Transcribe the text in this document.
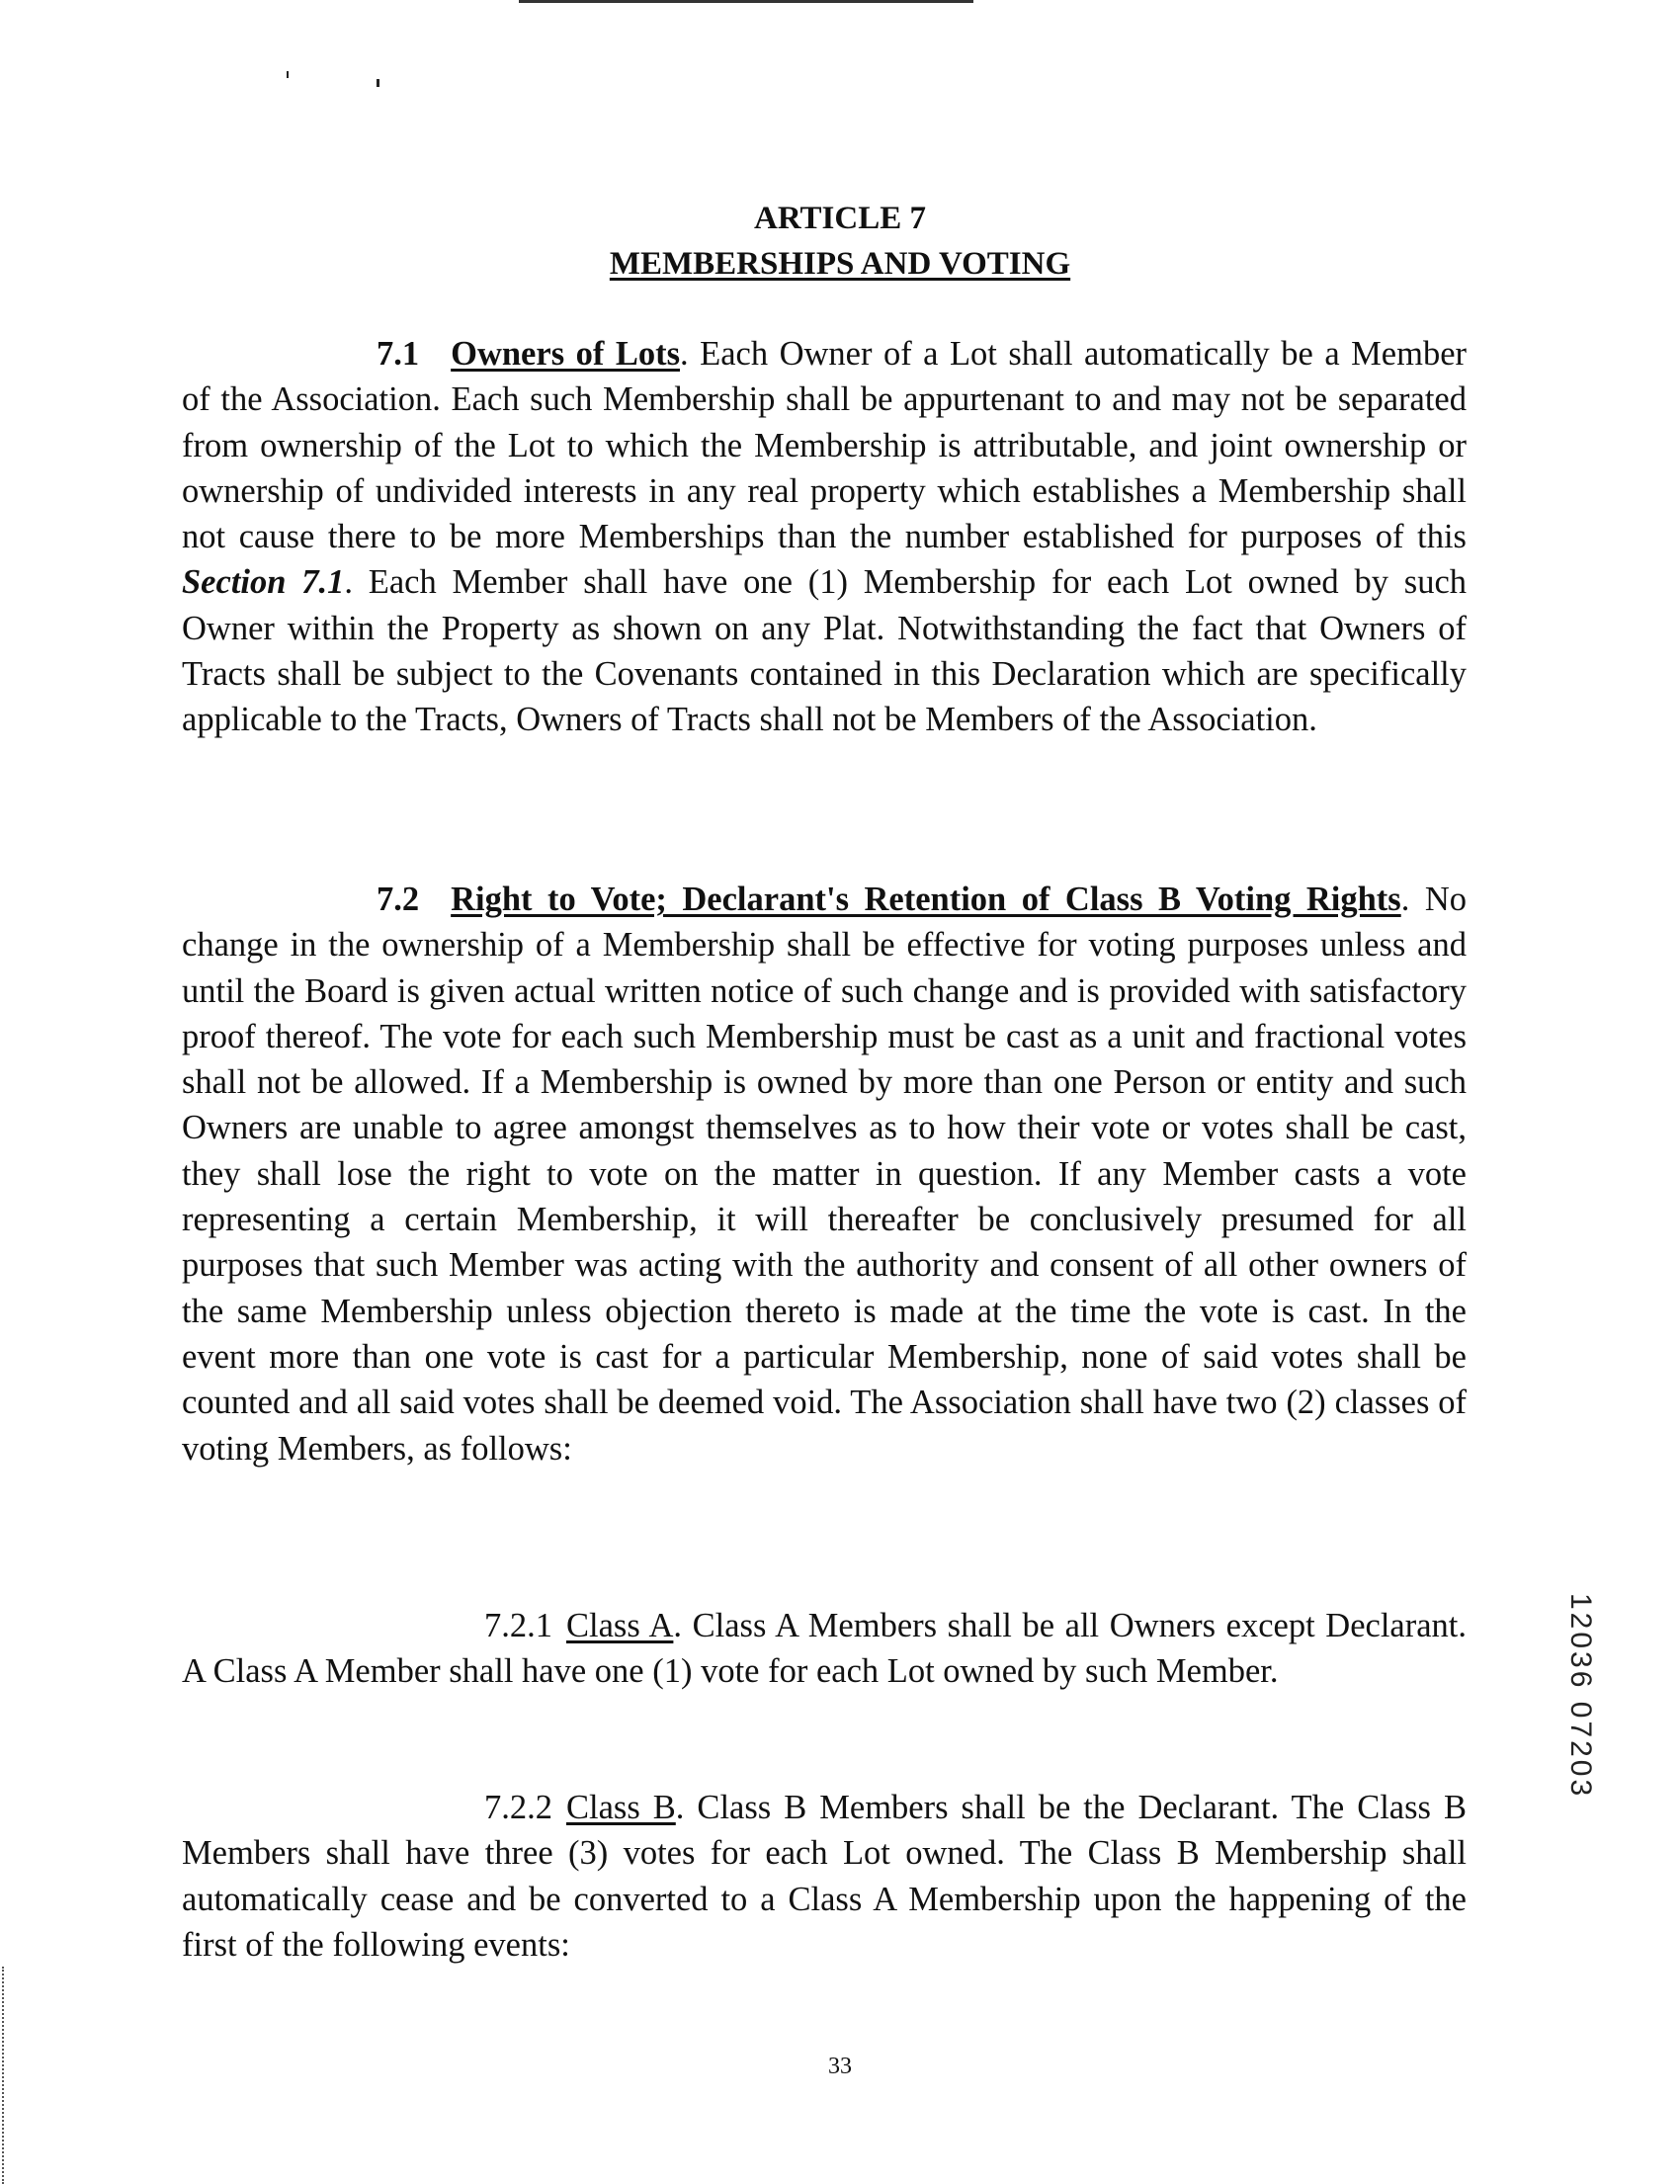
ARTICLE 7
MEMBERSHIPS AND VOTING

7.1 Owners of Lots. Each Owner of a Lot shall automatically be a Member of the Association. Each such Membership shall be appurtenant to and may not be separated from ownership of the Lot to which the Membership is attributable, and joint ownership or ownership of undivided interests in any real property which establishes a Membership shall not cause there to be more Memberships than the number established for purposes of this Section 7.1. Each Member shall have one (1) Membership for each Lot owned by such Owner within the Property as shown on any Plat. Notwithstanding the fact that Owners of Tracts shall be subject to the Covenants contained in this Declaration which are specifically applicable to the Tracts, Owners of Tracts shall not be Members of the Association.

7.2 Right to Vote; Declarant's Retention of Class B Voting Rights. No change in the ownership of a Membership shall be effective for voting purposes unless and until the Board is given actual written notice of such change and is provided with satisfactory proof thereof. The vote for each such Membership must be cast as a unit and fractional votes shall not be allowed. If a Membership is owned by more than one Person or entity and such Owners are unable to agree amongst themselves as to how their vote or votes shall be cast, they shall lose the right to vote on the matter in question. If any Member casts a vote representing a certain Membership, it will thereafter be conclusively presumed for all purposes that such Member was acting with the authority and consent of all other owners of the same Membership unless objection thereto is made at the time the vote is cast. In the event more than one vote is cast for a particular Membership, none of said votes shall be counted and all said votes shall be deemed void. The Association shall have two (2) classes of voting Members, as follows:

7.2.1 Class A. Class A Members shall be all Owners except Declarant. A Class A Member shall have one (1) vote for each Lot owned by such Member.

7.2.2 Class B. Class B Members shall be the Declarant. The Class B Members shall have three (3) votes for each Lot owned. The Class B Membership shall automatically cease and be converted to a Class A Membership upon the happening of the first of the following events:

12036 07203

33
